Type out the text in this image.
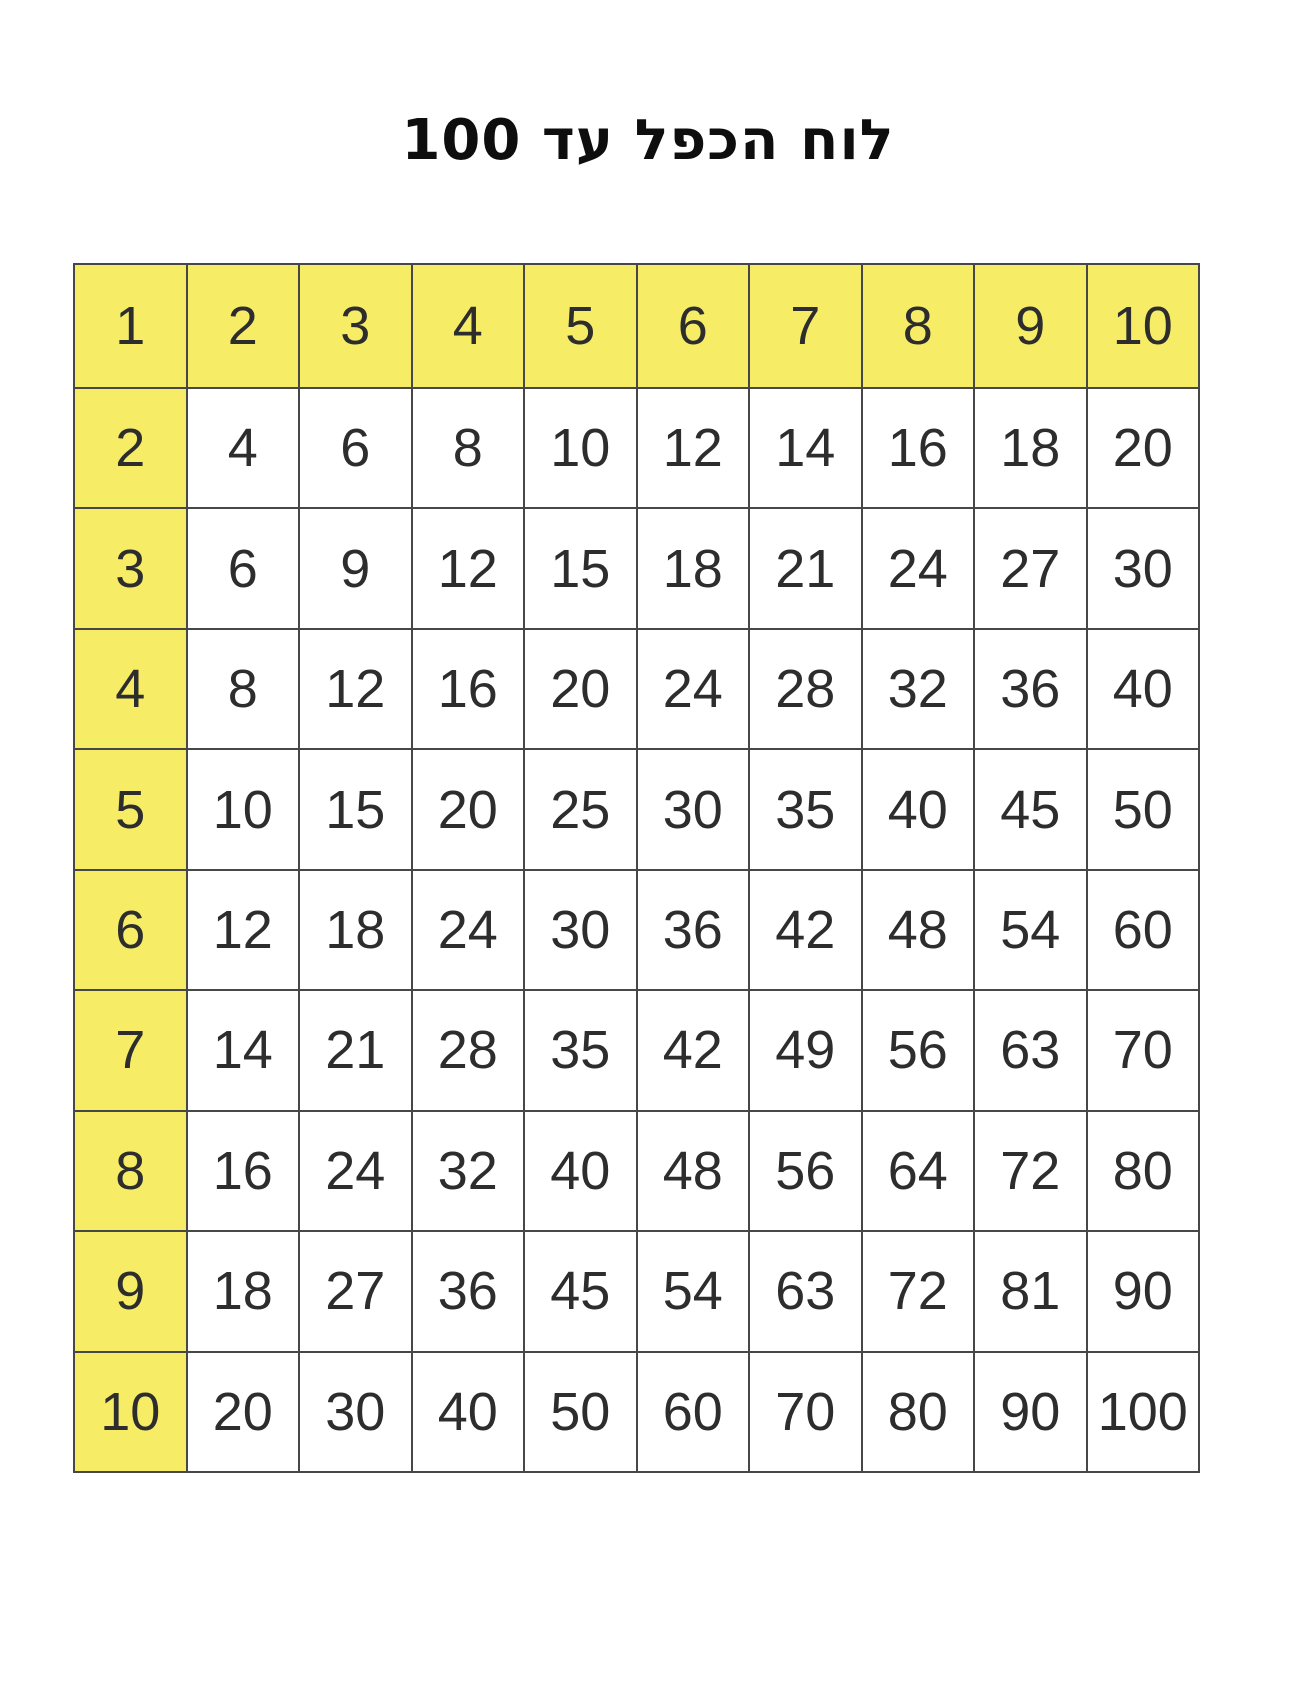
לוח הכפל עד 100
1	2	3	4	5	6	7	8	9	10
2	4	6	8	10 12 14 16 18 20
3	6	9	12 15 18 21 24 27 30
4	8	12 16 20 24 28 32 36 40
5	10 15 20 25 30 35 40 45 50
6	12 18 24 30 36 42 48 54 60
7	14 21 28 35 42 49 56 63 70
8	16 24 32 40 48 56 64 72 80
9	18 27 36 45 54 63 72 81 90
10 20 30 40 50 60 70 80 90 100
